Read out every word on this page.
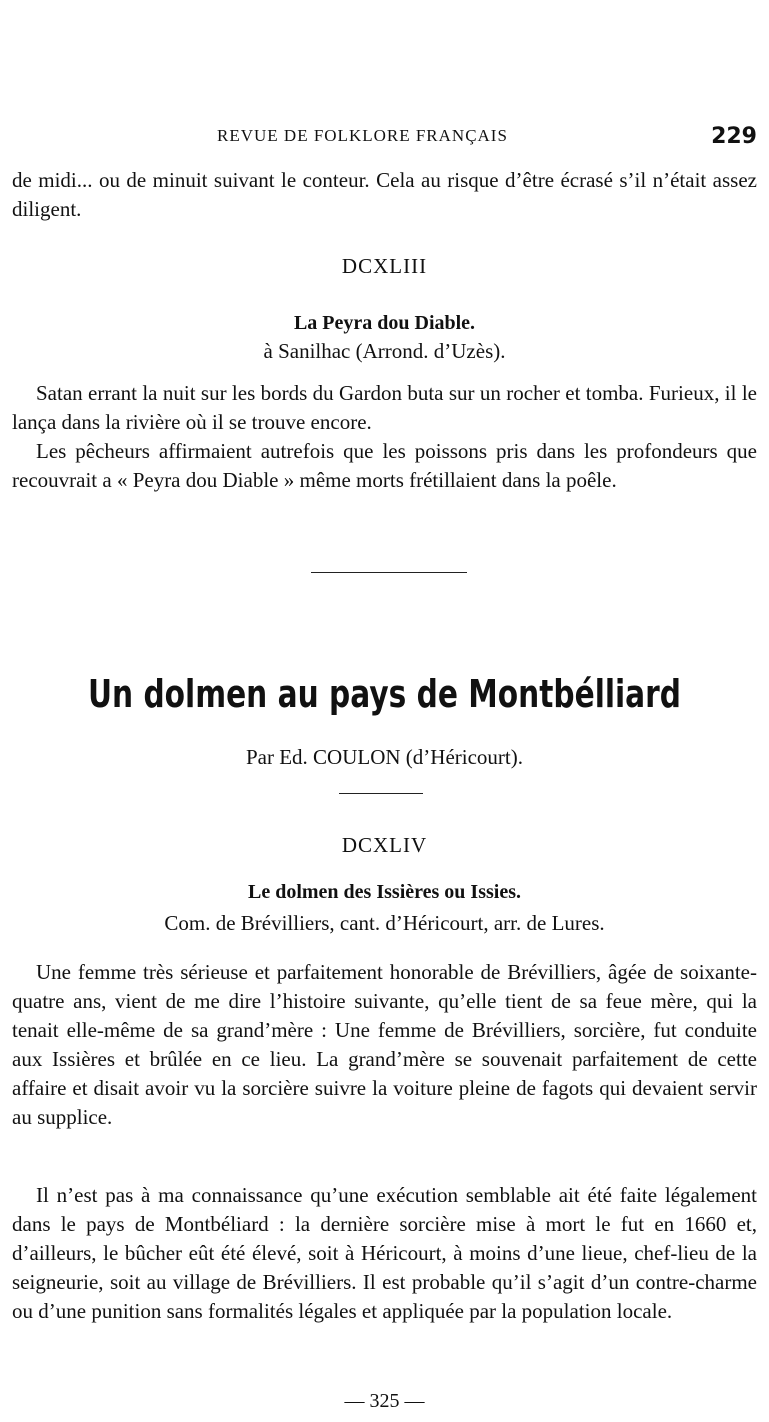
REVUE DE FOLKLORE FRANÇAIS	229

de midi... ou de minuit suivant le conteur. Cela au risque d’être écrasé s’il n’était assez diligent.

DCXLIII

La Peyra dou Diable.

à Sanilhac (Arrond. d’Uzès).

Satan errant la nuit sur les bords du Gardon buta sur un rocher et tomba. Furieux, il le lança dans la rivière où il se trouve encore.

Les pêcheurs affirmaient autrefois que les poissons pris dans les profondeurs que recouvrait a « Peyra dou Diable » même morts frétillaient dans la poêle.

Un dolmen au pays de Montbélliard

Par Ed. COULON (d’Héricourt).

DCXLIV

Le dolmen des Issières ou Issies.

Com. de Brévilliers, cant. d’Héricourt, arr. de Lures.

Une femme très sérieuse et parfaitement honorable de Brévilliers, âgée de soixante-quatre ans, vient de me dire l’histoire suivante, qu’elle tient de sa feue mère, qui la tenait elle-même de sa grand’mère : Une femme de Brévilliers, sorcière, fut conduite aux Issières et brûlée en ce lieu. La grand’mère se souvenait parfaitement de cette affaire et disait avoir vu la sorcière suivre la voiture pleine de fagots qui devaient servir au supplice.

Il n’est pas à ma connaissance qu’une exécution semblable ait été faite légalement dans le pays de Montbéliard : la dernière sorcière mise à mort le fut en 1660 et, d’ailleurs, le bûcher eût été élevé, soit à Héricourt, à moins d’une lieue, chef-lieu de la seigneurie, soit au village de Brévilliers. Il est probable qu’il s’agit d’un contre-charme ou d’une punition sans formalités légales et appliquée par la population locale.

— 325 —
